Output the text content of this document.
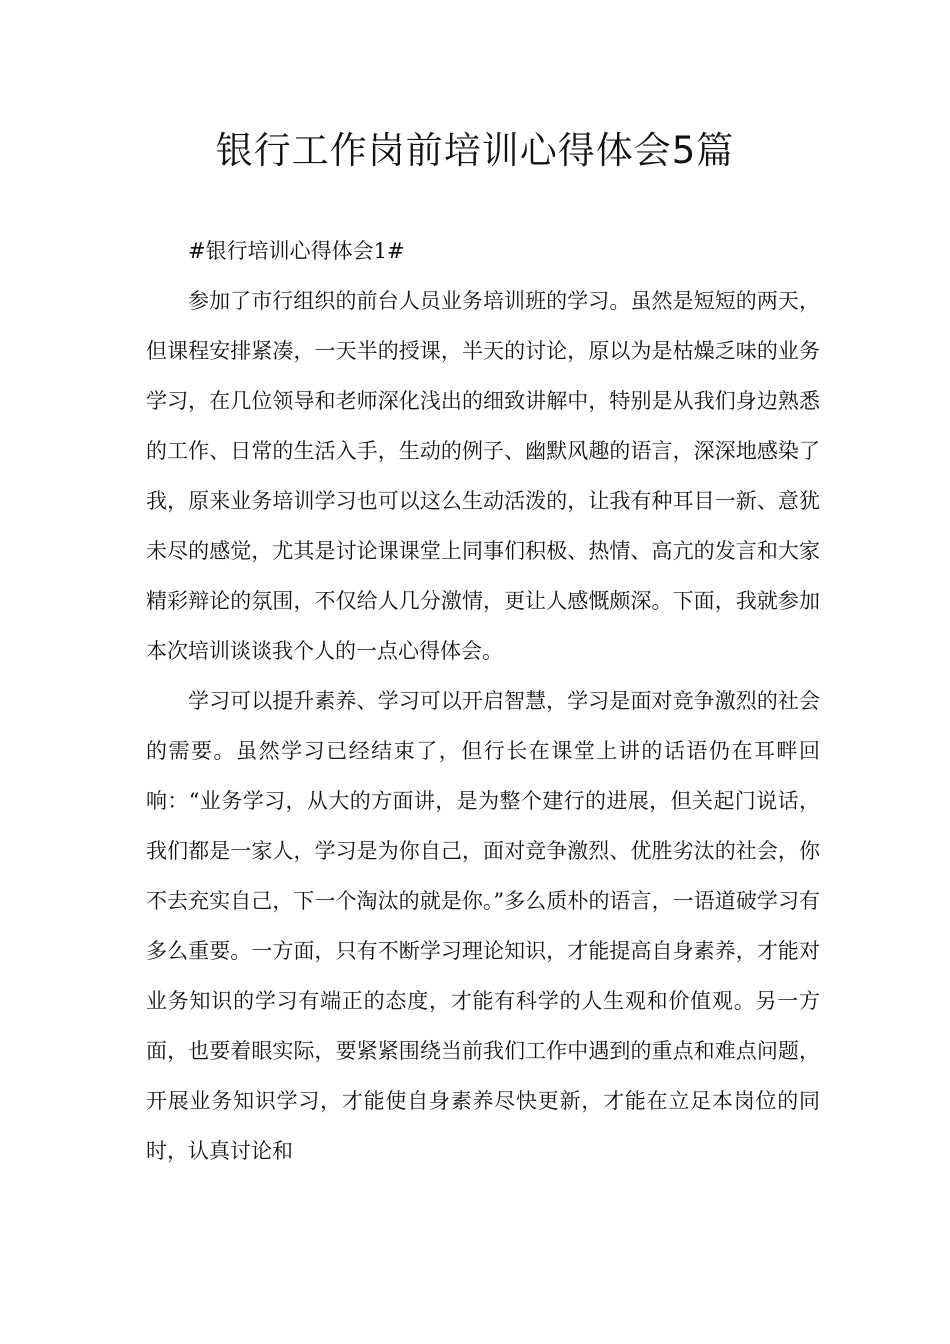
银行工作岗前培训心得体会5篇

#银行培训心得体会1#

参加了市行组织的前台人员业务培训班的学习。虽然是短短的两天，但课程安排紧凑，一天半的授课，半天的讨论，原以为是枯燥乏味的业务学习，在几位领导和老师深化浅出的细致讲解中，特别是从我们身边熟悉的工作、日常的生活入手，生动的例子、幽默风趣的语言，深深地感染了我，原来业务培训学习也可以这么生动活泼的，让我有种耳目一新、意犹未尽的感觉，尤其是讨论课课堂上同事们积极、热情、高亢的发言和大家精彩辩论的氛围，不仅给人几分激情，更让人感慨颇深。下面，我就参加本次培训谈谈我个人的一点心得体会。

学习可以提升素养、学习可以开启智慧，学习是面对竞争激烈的社会的需要。虽然学习已经结束了，但行长在课堂上讲的话语仍在耳畔回响：“业务学习，从大的方面讲，是为整个建行的进展，但关起门说话，我们都是一家人，学习是为你自己，面对竞争激烈、优胜劣汰的社会，你不去充实自己，下一个淘汰的就是你。”多么质朴的语言，一语道破学习有多么重要。一方面，只有不断学习理论知识，才能提高自身素养，才能对业务知识的学习有端正的态度，才能有科学的人生观和价值观。另一方面，也要着眼实际，要紧紧围绕当前我们工作中遇到的重点和难点问题，开展业务知识学习，才能使自身素养尽快更新，才能在立足本岗位的同时，认真讨论和
